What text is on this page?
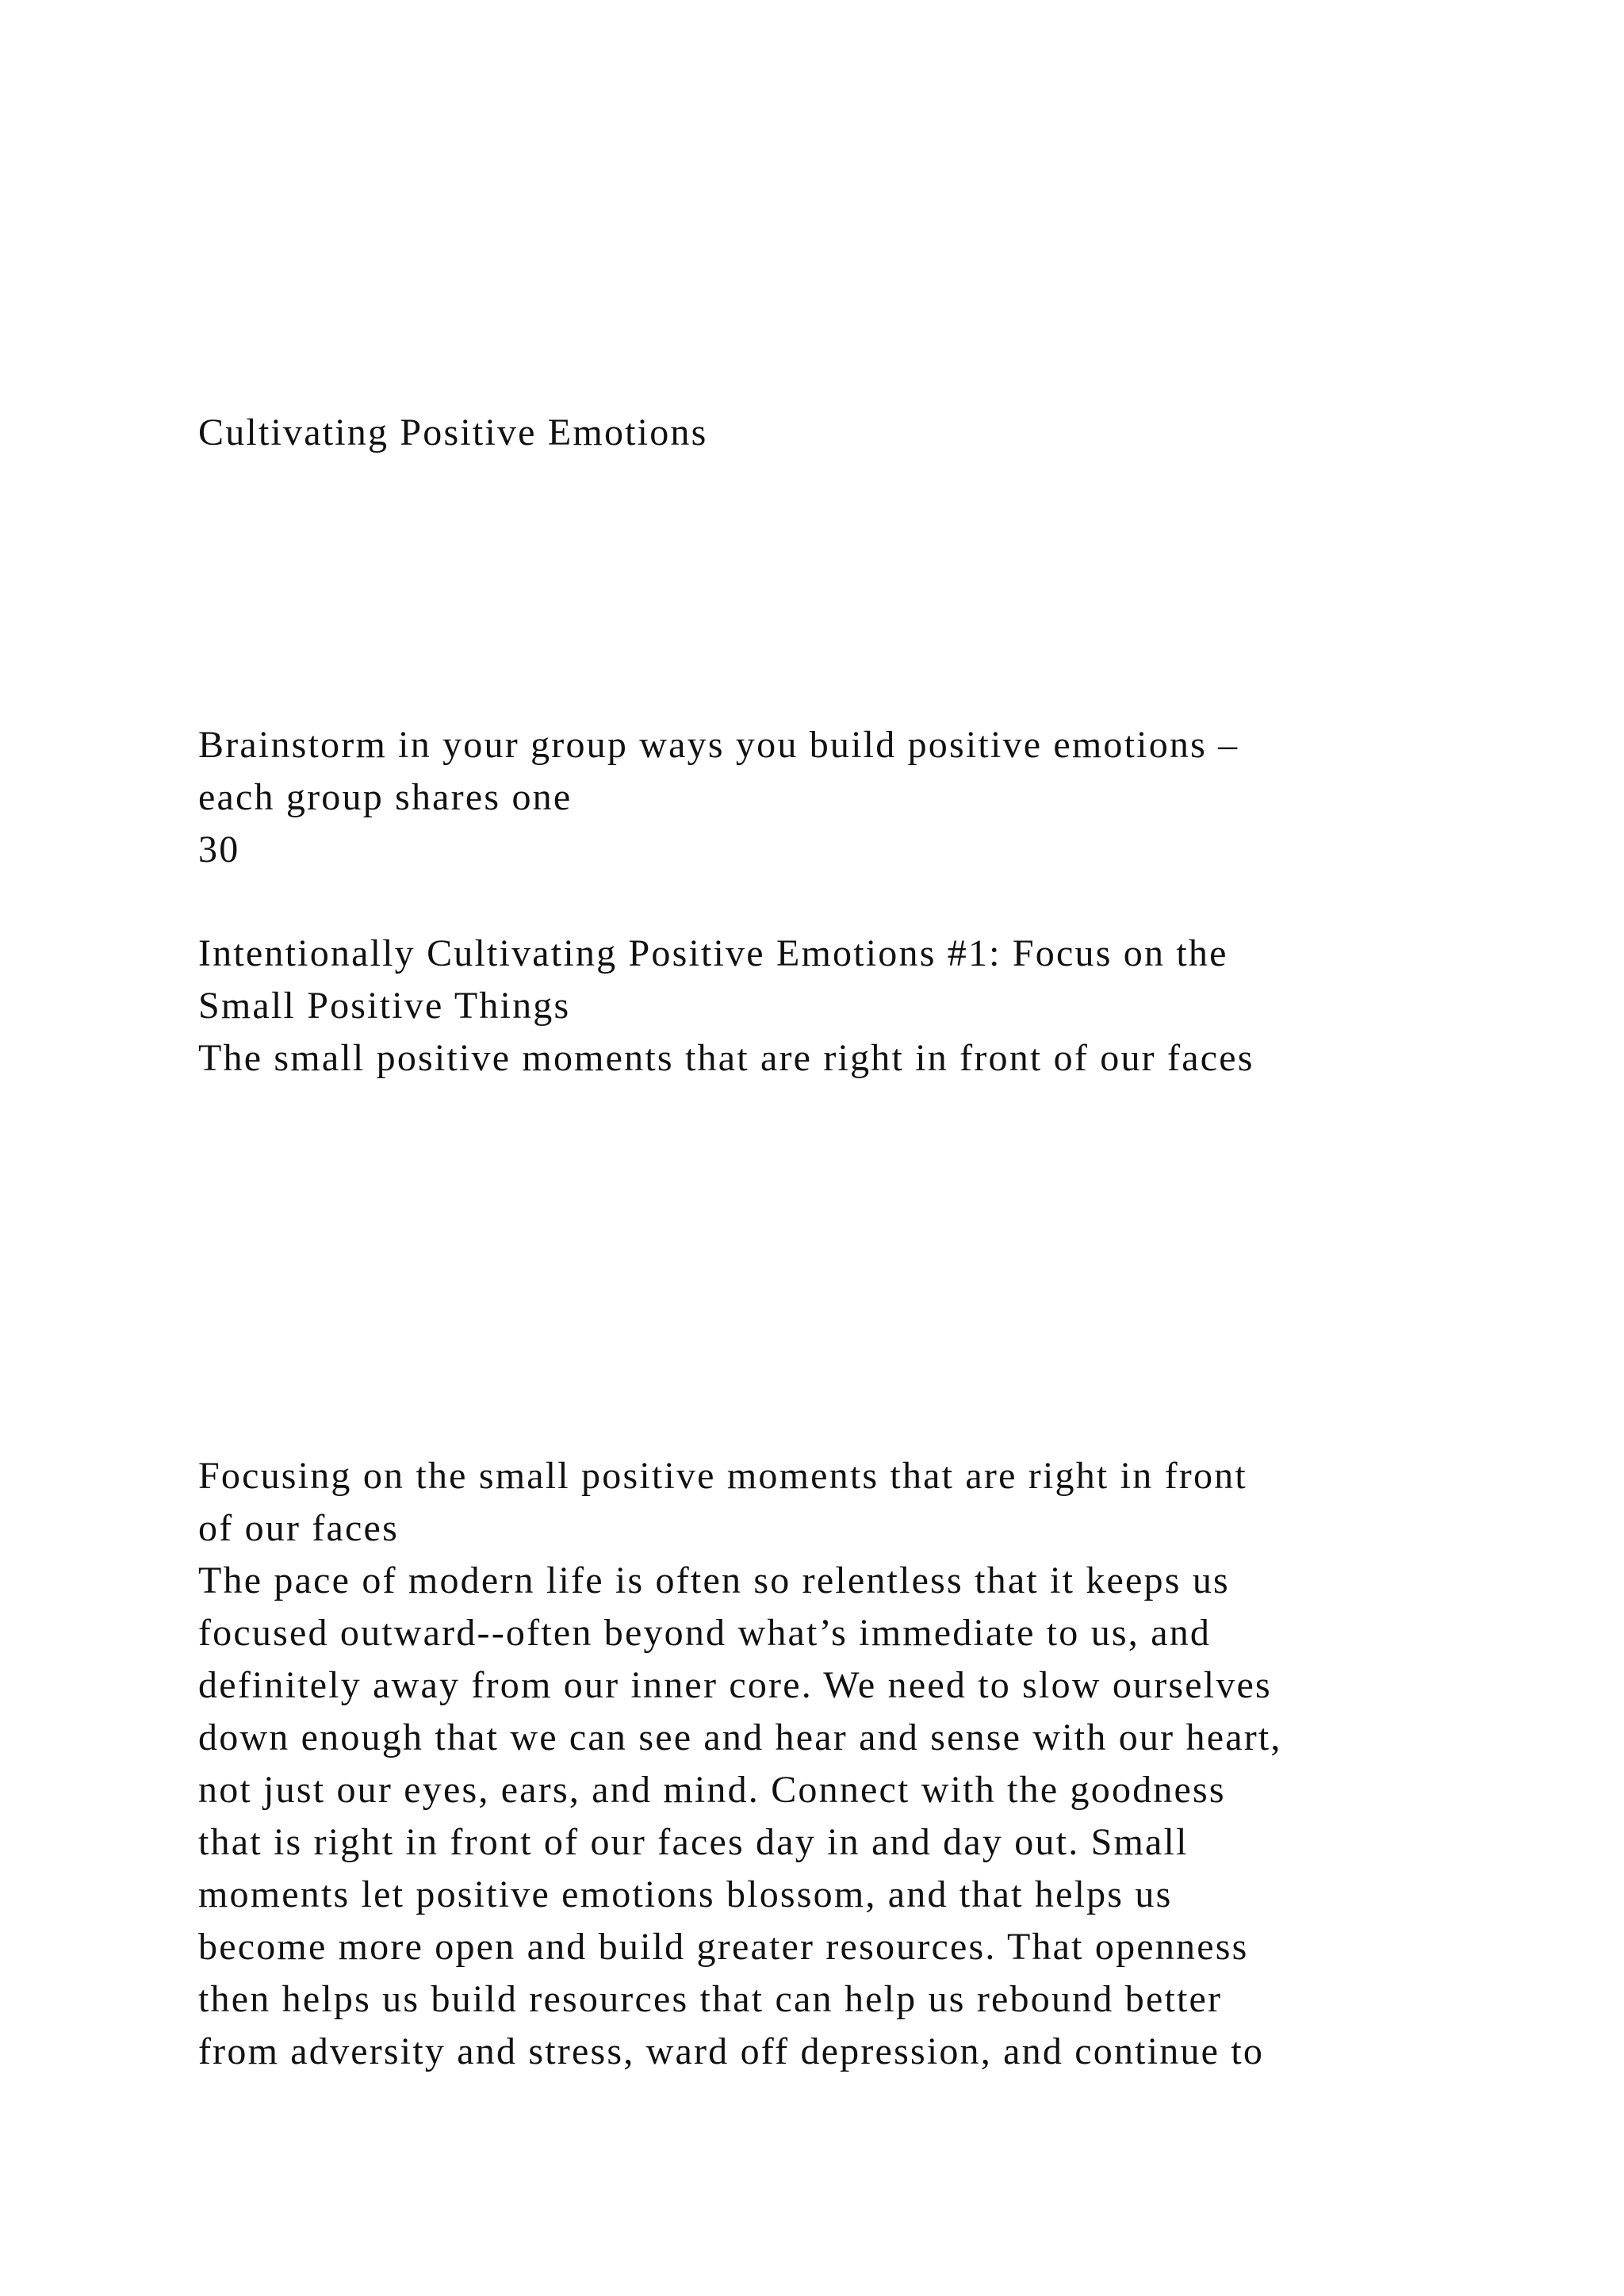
Cultivating Positive Emotions

Brainstorm in your group ways you build positive emotions –

each group shares one

30

Intentionally Cultivating Positive Emotions #1: Focus on the

Small Positive Things

The small positive moments that are right in front of our faces

Focusing on the small positive moments that are right in front

of our faces

The pace of modern life is often so relentless that it keeps us

focused outward--often beyond what’s immediate to us, and

definitely away from our inner core. We need to slow ourselves

down enough that we can see and hear and sense with our heart,

not just our eyes, ears, and mind. Connect with the goodness

that is right in front of our faces day in and day out. Small

moments let positive emotions blossom, and that helps us

become more open and build greater resources. That openness

then helps us build resources that can help us rebound better

from adversity and stress, ward off depression, and continue to
